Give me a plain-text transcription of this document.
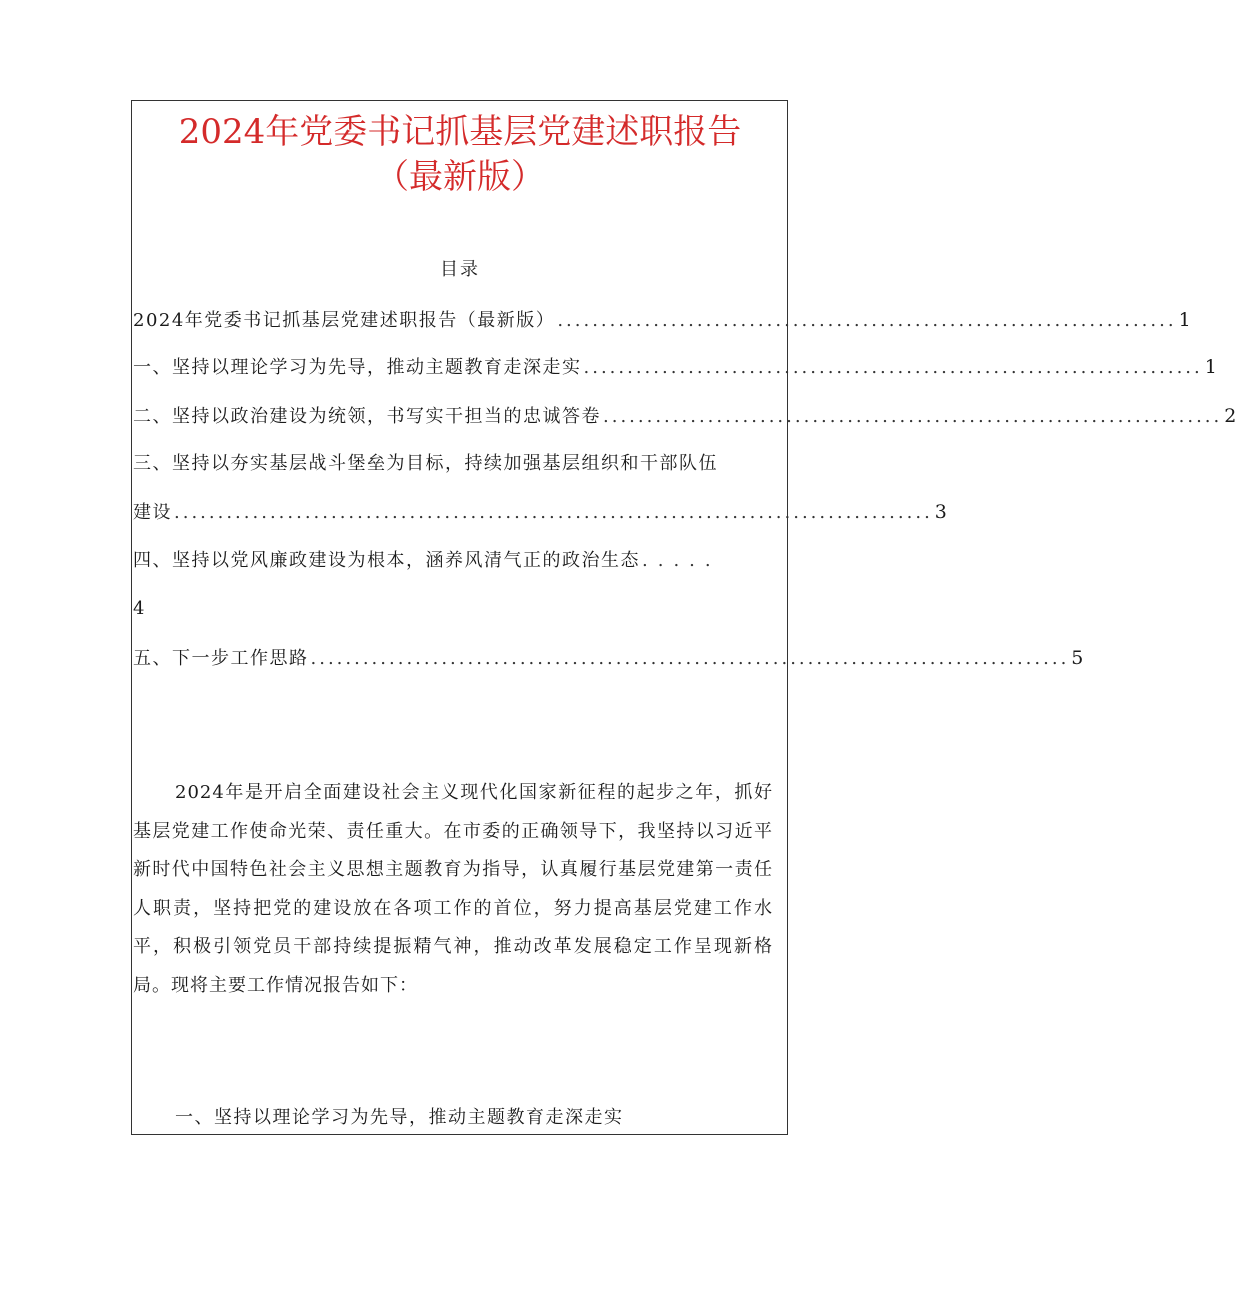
2024年党委书记抓基层党建述职报告
（最新版）
目录
2024年党委书记抓基层党建述职报告（最新版） ....................................................................... 1
一、坚持以理论学习为先导，推动主题教育走深走实 ....................................................................... 1
二、坚持以政治建设为统领，书写实干担当的忠诚答卷 ....................................................................... 2
三、坚持以夯实基层战斗堡垒为目标，持续加强基层组织和干部队伍
建设 ....................................................................................... 3
四、坚持以党风廉政建设为根本，涵养风清气正的政治生态 .....
4
五、下一步工作思路 ....................................................................................... 5

2024年是开启全面建设社会主义现代化国家新征程的起步之年，抓好基层党建工作使命光荣、责任重大。在市委的正确领导下，我坚持以习近平新时代中国特色社会主义思想主题教育为指导，认真履行基层党建第一责任人职责，坚持把党的建设放在各项工作的首位，努力提高基层党建工作水平，积极引领党员干部持续提振精气神，推动改革发展稳定工作呈现新格局。现将主要工作情况报告如下：

一、坚持以理论学习为先导，推动主题教育走深走实
